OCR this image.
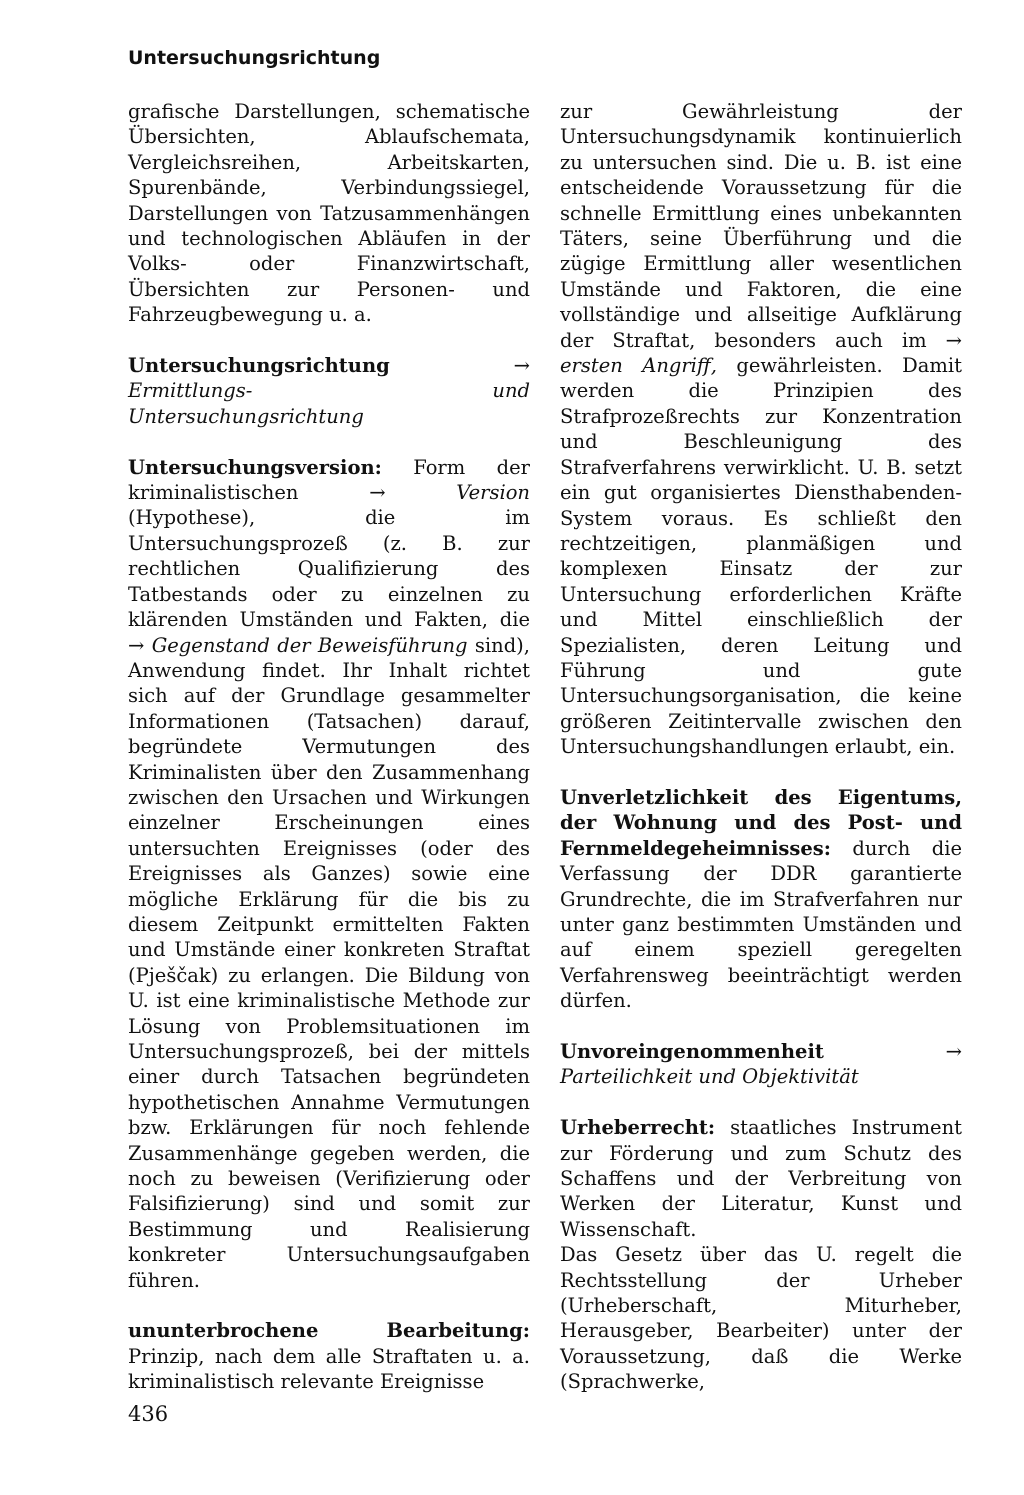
Untersuchungsrichtung

grafische Darstellungen, schematische Übersichten, Ablaufschemata, Vergleichsreihen, Arbeitskarten, Spurenbände, Verbindungssiegel, Darstellungen von Tatzusammenhängen und technologischen Abläufen in der Volks- oder Finanzwirtschaft, Übersichten zur Personen- und Fahrzeugbewegung u. a.

Untersuchungsrichtung → Ermittlungs- und Untersuchungsrichtung

Untersuchungsversion: Form der kriminalistischen → Version (Hypothese), die im Untersuchungsprozeß (z. B. zur rechtlichen Qualifizierung des Tatbestands oder zu einzelnen zu klärenden Umständen und Fakten, die → Gegenstand der Beweisführung sind), Anwendung findet. Ihr Inhalt richtet sich auf der Grundlage gesammelter Informationen (Tatsachen) darauf, begründete Vermutungen des Kriminalisten über den Zusammenhang zwischen den Ursachen und Wirkungen einzelner Erscheinungen eines untersuchten Ereignisses (oder des Ereignisses als Ganzes) sowie eine mögliche Erklärung für die bis zu diesem Zeitpunkt ermittelten Fakten und Umstände einer konkreten Straftat (Pješčak) zu erlangen. Die Bildung von U. ist eine kriminalistische Methode zur Lösung von Problemsituationen im Untersuchungsprozeß, bei der mittels einer durch Tatsachen begründeten hypothetischen Annahme Vermutungen bzw. Erklärungen für noch fehlende Zusammenhänge gegeben werden, die noch zu beweisen (Verifizierung oder Falsifizierung) sind und somit zur Bestimmung und Realisierung konkreter Untersuchungsaufgaben führen.

ununterbrochene Bearbeitung: Prinzip, nach dem alle Straftaten u. a. kriminalistisch relevante Ereignisse

zur Gewährleistung der Untersuchungsdynamik kontinuierlich zu untersuchen sind. Die u. B. ist eine entscheidende Voraussetzung für die schnelle Ermittlung eines unbekannten Täters, seine Überführung und die zügige Ermittlung aller wesentlichen Umstände und Faktoren, die eine vollständige und allseitige Aufklärung der Straftat, besonders auch im → ersten Angriff, gewährleisten. Damit werden die Prinzipien des Strafprozeßrechts zur Konzentration und Beschleunigung des Strafverfahrens verwirklicht. U. B. setzt ein gut organisiertes Diensthabenden-System voraus. Es schließt den rechtzeitigen, planmäßigen und komplexen Einsatz der zur Untersuchung erforderlichen Kräfte und Mittel einschließlich der Spezialisten, deren Leitung und Führung und gute Untersuchungsorganisation, die keine größeren Zeitintervalle zwischen den Untersuchungshandlungen erlaubt, ein.

Unverletzlichkeit des Eigentums, der Wohnung und des Post- und Fernmeldegeheimnisses: durch die Verfassung der DDR garantierte Grundrechte, die im Strafverfahren nur unter ganz bestimmten Umständen und auf einem speziell geregelten Verfahrensweg beeinträchtigt werden dürfen.

Unvoreingenommenheit → Parteilichkeit und Objektivität

Urheberrecht: staatliches Instrument zur Förderung und zum Schutz des Schaffens und der Verbreitung von Werken der Literatur, Kunst und Wissenschaft.

Das Gesetz über das U. regelt die Rechtsstellung der Urheber (Urheberschaft, Miturheber, Herausgeber, Bearbeiter) unter der Voraussetzung, daß die Werke (Sprachwerke,

436
